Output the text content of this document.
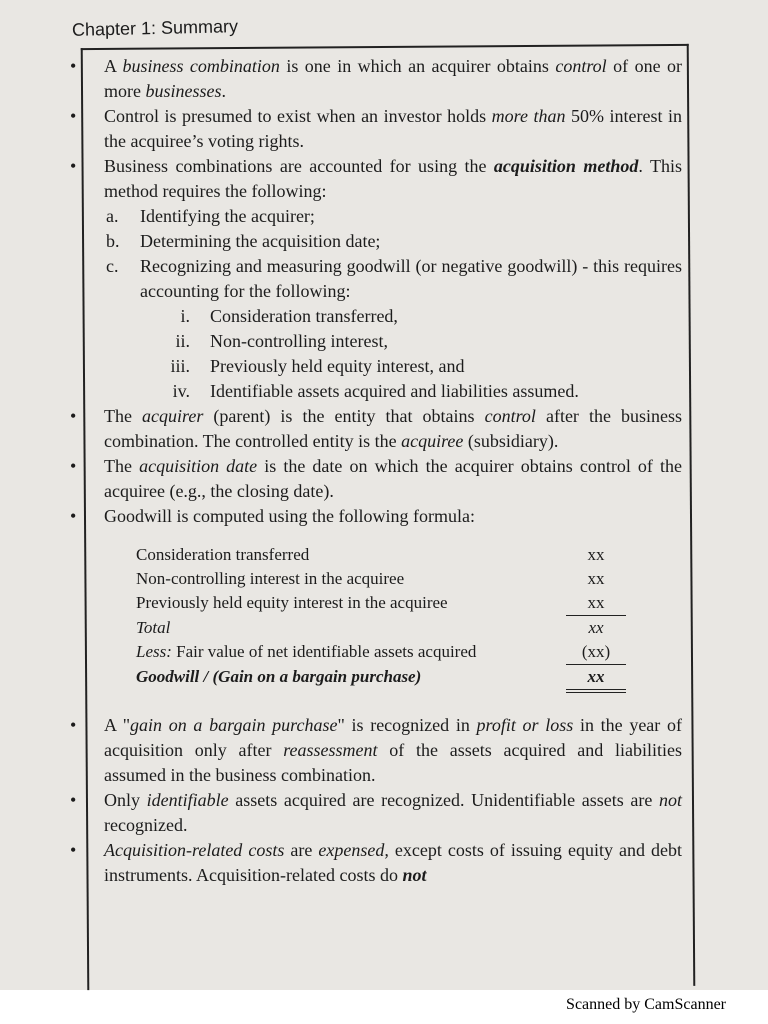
Chapter 1: Summary
• A business combination is one in which an acquirer obtains control of one or more businesses.
• Control is presumed to exist when an investor holds more than 50% interest in the acquiree’s voting rights.
• Business combinations are accounted for using the acquisition method. This method requires the following:
a. Identifying the acquirer;
b. Determining the acquisition date;
c. Recognizing and measuring goodwill (or negative goodwill) - this requires accounting for the following:
i. Consideration transferred,
ii. Non-controlling interest,
iii. Previously held equity interest, and
iv. Identifiable assets acquired and liabilities assumed.
• The acquirer (parent) is the entity that obtains control after the business combination. The controlled entity is the acquiree (subsidiary).
• The acquisition date is the date on which the acquirer obtains control of the acquiree (e.g., the closing date).
• Goodwill is computed using the following formula:
Consideration transferred	xx
Non-controlling interest in the acquiree	xx
Previously held equity interest in the acquiree	xx
Total	xx
Less: Fair value of net identifiable assets acquired	(xx)
Goodwill / (Gain on a bargain purchase)	xx
• A "gain on a bargain purchase" is recognized in profit or loss in the year of acquisition only after reassessment of the assets acquired and liabilities assumed in the business combination.
• Only identifiable assets acquired are recognized. Unidentifiable assets are not recognized.
• Acquisition-related costs are expensed, except costs of issuing equity and debt instruments. Acquisition-related costs do not
Scanned by CamScanner
